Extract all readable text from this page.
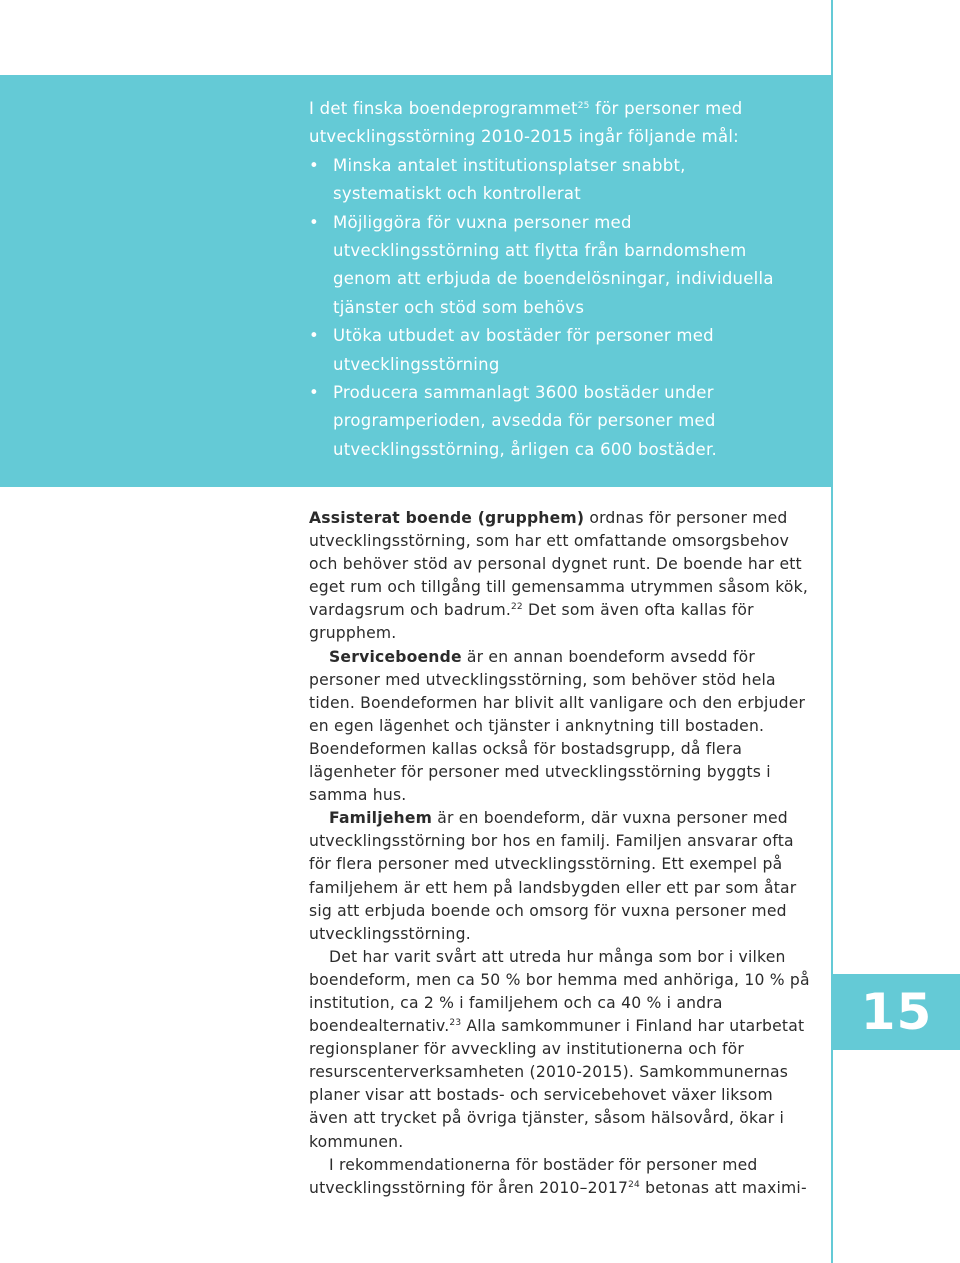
I det finska boendeprogrammet$^{25}$ för personer med utvecklingsstörning 2010-2015 ingår följande mål:

• Minska antalet institutionsplatser snabbt, systematiskt och kontrollerat
• Möjliggöra för vuxna personer med utvecklingsstörning att flytta från barndomshem genom att erbjuda de boendelösningar, individuella tjänster och stöd som behövs
• Utöka utbudet av bostäder för personer med utvecklingsstörning
• Producera sammanlagt 3600 bostäder under programperioden, avsedda för personer med utvecklingsstörning, årligen ca 600 bostäder.

Assisterat boende (grupphem) ordnas för personer med utvecklingsstörning, som har ett omfattande omsorgsbehov och behöver stöd av personal dygnet runt. De boende har ett eget rum och tillgång till gemensamma utrymmen såsom kök, vardagsrum och badrum.$^{22}$ Det som även ofta kallas för grupphem.

Serviceboende är en annan boendeform avsedd för personer med utvecklingsstörning, som behöver stöd hela tiden. Boendeformen har blivit allt vanligare och den erbjuder en egen lägenhet och tjänster i anknytning till bostaden. Boendeformen kallas också för bostadsgrupp, då flera lägenheter för personer med utvecklingsstörning byggts i samma hus.

Familjehem är en boendeform, där vuxna personer med utvecklingsstörning bor hos en familj. Familjen ansvarar ofta för flera personer med utvecklingsstörning. Ett exempel på familjehem är ett hem på landsbygden eller ett par som åtar sig att erbjuda boende och omsorg för vuxna personer med utvecklingsstörning.

Det har varit svårt att utreda hur många som bor i vilken boendeform, men ca 50 % bor hemma med anhöriga, 10 % på institution, ca 2 % i familjehem och ca 40 % i andra boendealternativ.$^{23}$ Alla samkommuner i Finland har utarbetat regionsplaner för avveckling av institutionerna och för resurscenterverksamheten (2010-2015). Samkommunernas planer visar att bostads- och servicebehovet växer liksom även att trycket på övriga tjänster, såsom hälsovård, ökar i kommunen.

I rekommendationerna för bostäder för personer med utvecklingsstörning för åren 2010–2017$^{24}$ betonas att maximi-

15
